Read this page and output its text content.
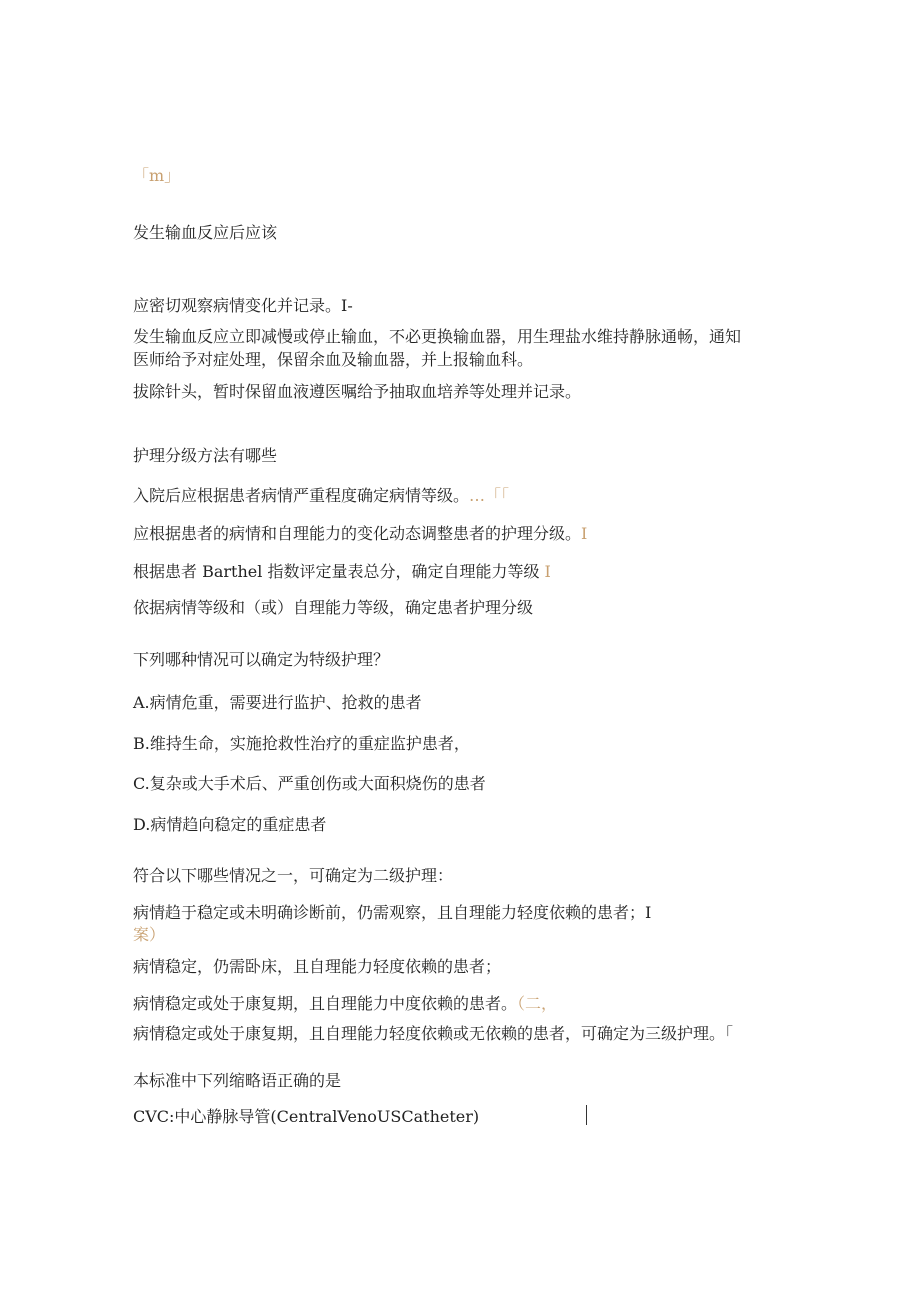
「m」
发生输血反应后应该
应密切观察病情变化并记录。I-
发生输血反应立即减慢或停止输血，不必更换输血器，用生理盐水维持静脉通畅，通知
医师给予对症处理，保留余血及输血器，并上报输血科。
拔除针头，暂时保留血液遵医嘱给予抽取血培养等处理并记录。
护理分级方法有哪些
入院后应根据患者病情严重程度确定病情等级。…「「
应根据患者的病情和自理能力的变化动态调整患者的护理分级。I
根据患者 Barthel 指数评定量表总分，确定自理能力等级 I
依据病情等级和（或）自理能力等级，确定患者护理分级
下列哪种情况可以确定为特级护理？
A.病情危重，需要进行监护、抢救的患者
B.维持生命，实施抢救性治疗的重症监护患者，
C.复杂或大手术后、严重创伤或大面积烧伤的患者
D.病情趋向稳定的重症患者
符合以下哪些情况之一，可确定为二级护理：
病情趋于稳定或未明确诊断前，仍需观察，且自理能力轻度依赖的患者；I
案）
病情稳定，仍需卧床，且自理能力轻度依赖的患者；
病情稳定或处于康复期，且自理能力中度依赖的患者。（二，
病情稳定或处于康复期，且自理能力轻度依赖或无依赖的患者，可确定为三级护理。「
本标准中下列缩略语正确的是
CVC:中心静脉导管(CentralVenoUSCatheter)
